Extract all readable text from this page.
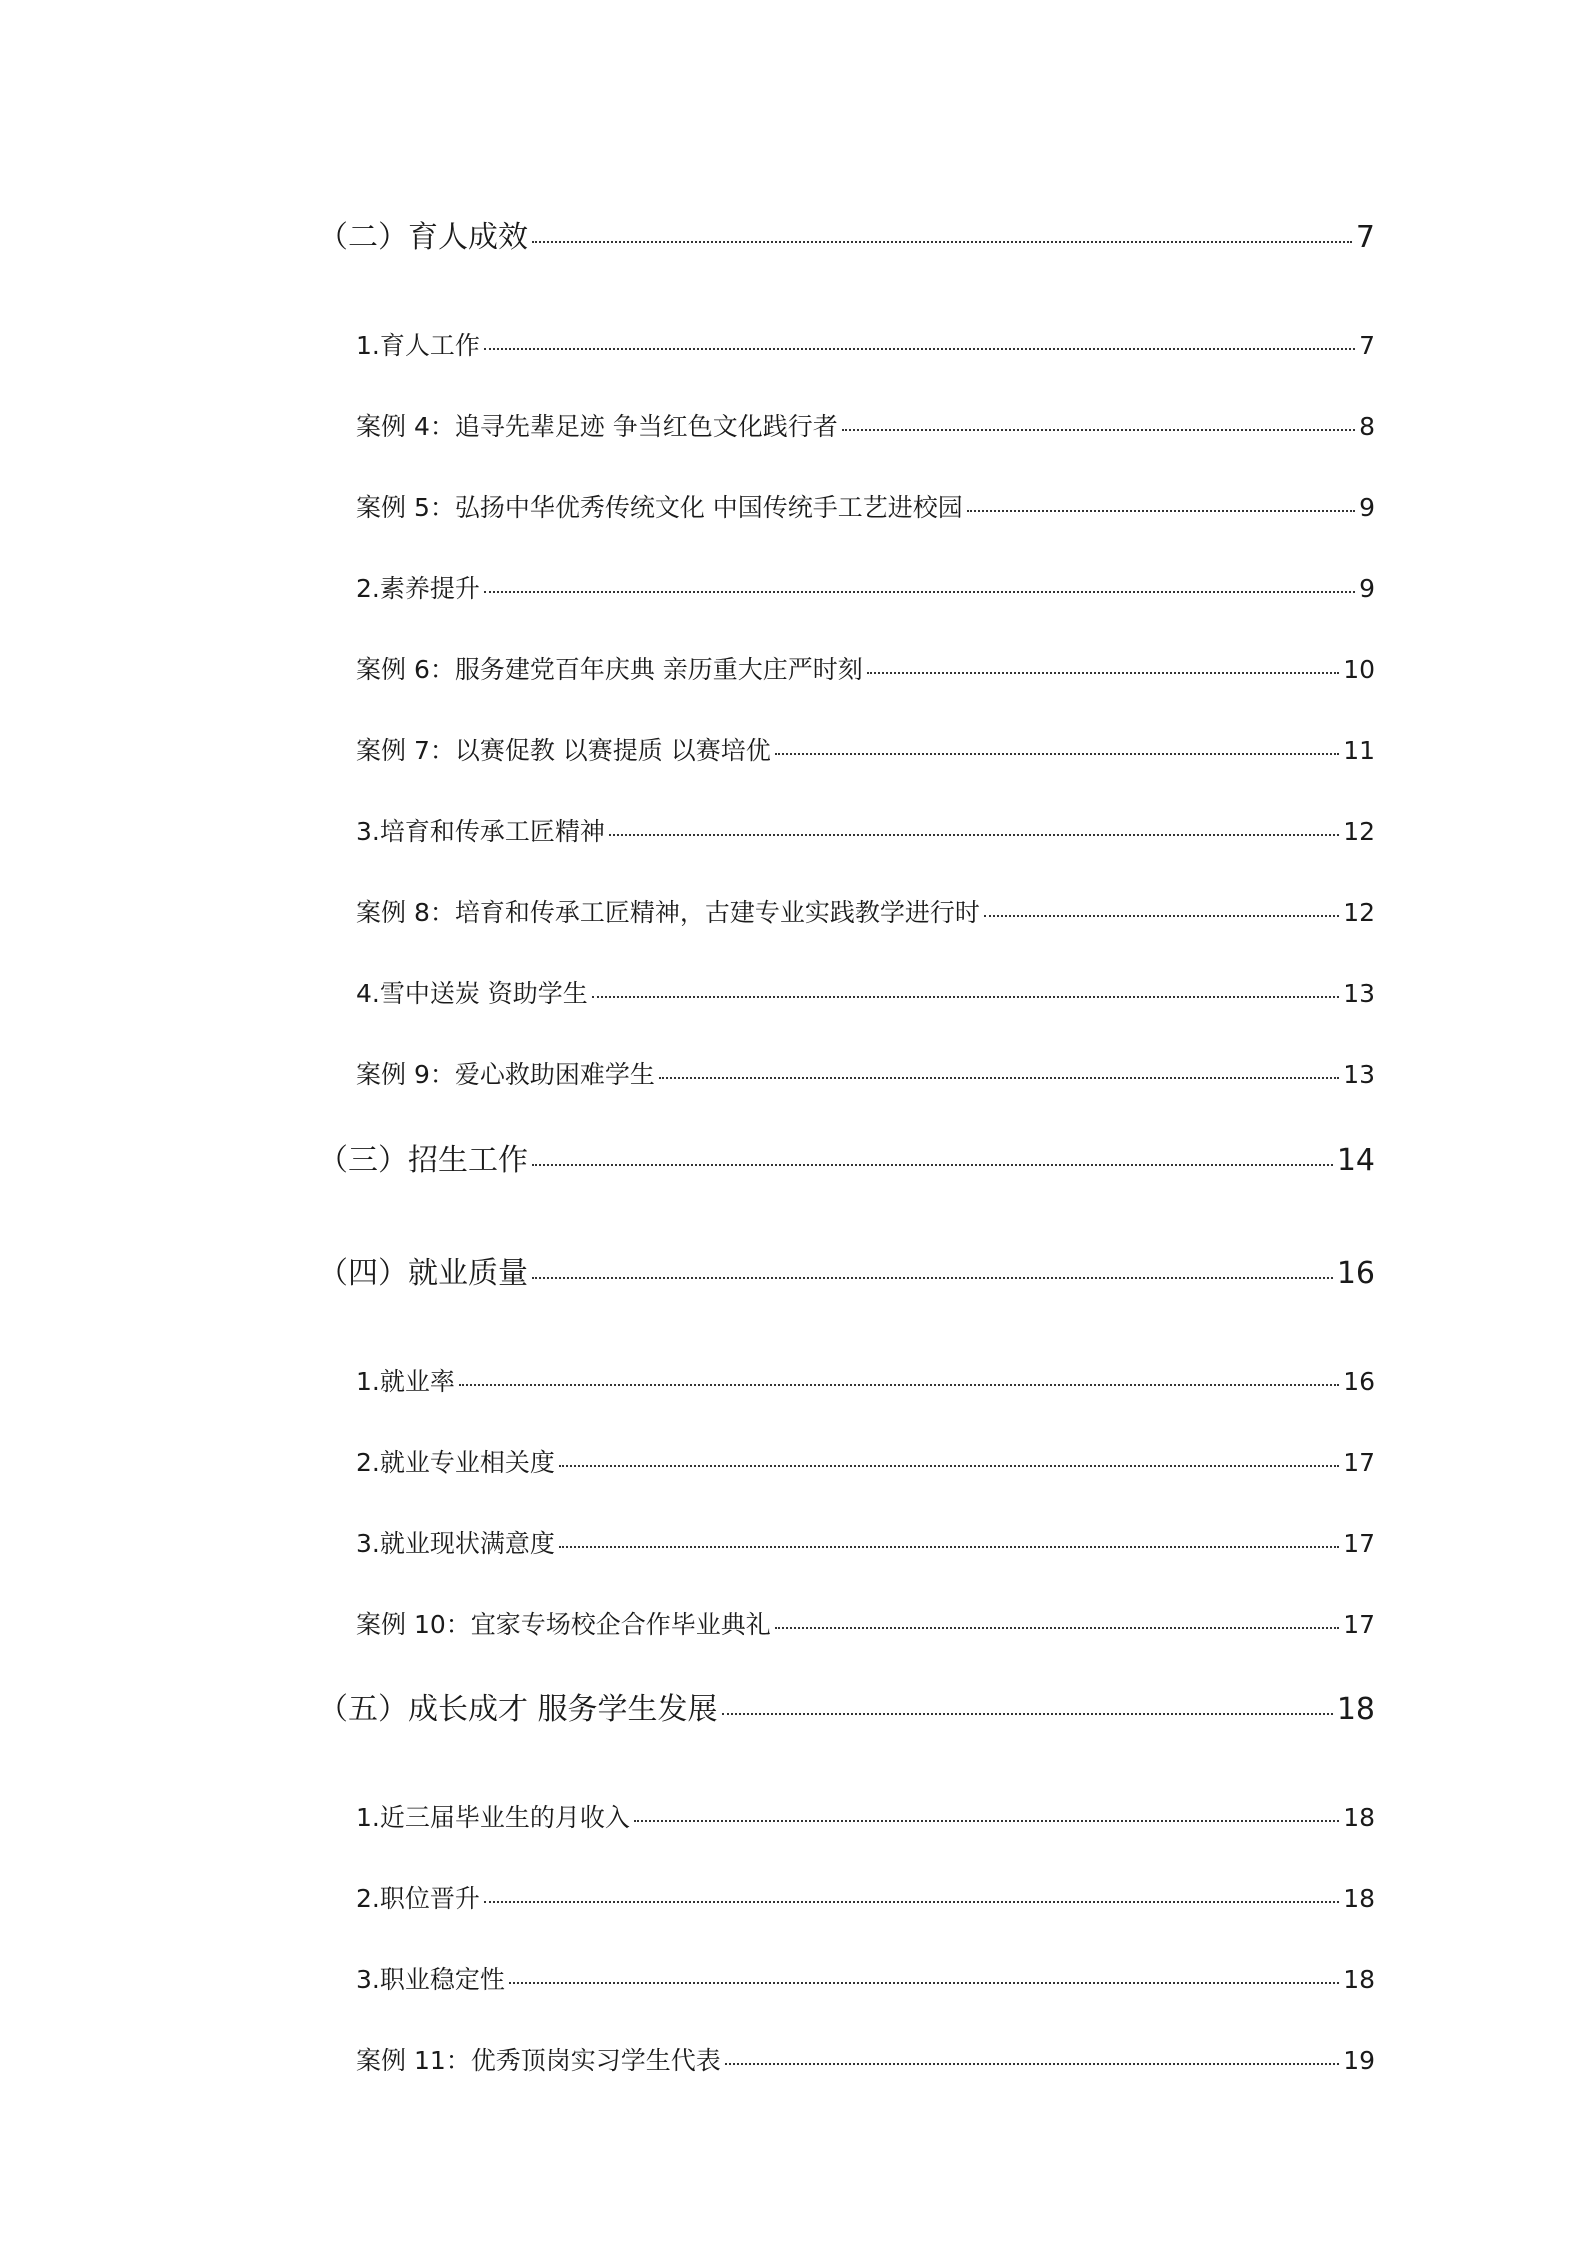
（二）育人成效	7
1.育人工作	7
案例 4：追寻先辈足迹 争当红色文化践行者	8
案例 5：弘扬中华优秀传统文化 中国传统手工艺进校园	9
2.素养提升	9
案例 6：服务建党百年庆典 亲历重大庄严时刻	10
案例 7：以赛促教 以赛提质 以赛培优	11
3.培育和传承工匠精神	12
案例 8：培育和传承工匠精神，古建专业实践教学进行时	12
4.雪中送炭 资助学生	13
案例 9：爱心救助困难学生	13
（三）招生工作	14
（四）就业质量	16
1.就业率	16
2.就业专业相关度	17
3.就业现状满意度	17
案例 10：宜家专场校企合作毕业典礼	17
（五）成长成才 服务学生发展	18
1.近三届毕业生的月收入	18
2.职位晋升	18
3.职业稳定性	18
案例 11：优秀顶岗实习学生代表	19
